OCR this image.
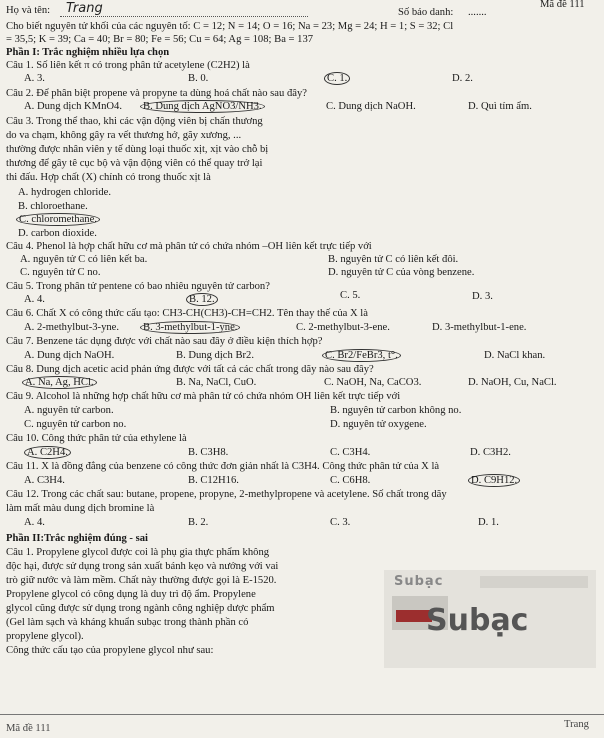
Họ và tên: Trang	Mã đề 111
Số báo danh: .......
Cho biết nguyên tử khối của các nguyên tố: C = 12; N = 14; O = 16; Na = 23; Mg = 24; H = 1; S = 32; Cl
= 35,5; K = 39; Ca = 40; Br = 80; Fe = 56; Cu = 64; Ag = 108; Ba = 137
Phần I: Trắc nghiệm nhiều lựa chọn
Câu 1. Số liên kết π có trong phân tử acetylene (C2H2) là
A. 3.	B. 0.	C. 1.	D. 2.
Câu 2. Để phân biệt propene và propyne ta dùng hoá chất nào sau đây?
A. Dung dịch KMnO4. B. Dung dịch AgNO3/NH3.	C. Dung dịch NaOH.	D. Quì tím ẩm.
Câu 3. Trong thể thao, khi các vận động viên bị chấn thương
do va chạm, không gây ra vết thương hở, gãy xương, ...
thường được nhân viên y tế dùng loại thuốc xịt, xịt vào chỗ bị
thương để gây tê cục bộ và vận động viên có thể quay trở lại
thi đấu. Hợp chất (X) chính có trong thuốc xịt là
A. hydrogen chloride.
B. chloroethane.
C. chloromethane.
D. carbon dioxide.
Câu 4. Phenol là hợp chất hữu cơ mà phân tử có chứa nhóm –OH liên kết trực tiếp với
A. nguyên tử C có liên kết ba.	B. nguyên tử C có liên kết đôi.
C. nguyên tử C no.	D. nguyên tử C của vòng benzene.
Câu 5. Trong phân tử pentene có bao nhiêu nguyên tử carbon?
A. 4.	B. 12.	C. 5.	D. 3.
Câu 6. Chất X có công thức cấu tạo: CH3-CH(CH3)-CH=CH2. Tên thay thế của X là
A. 2-methylbut-3-yne. B. 3-methylbut-1-yne.	C. 2-methylbut-3-ene.	D. 3-methylbut-1-ene.
Câu 7. Benzene tác dụng được với chất nào sau đây ở điều kiện thích hợp?
A. Dung dịch NaOH.	B. Dung dịch Br2.	C. Br2/FeBr3, t°.	D. NaCl khan.
Câu 8. Dung dịch acetic acid phản ứng được với tất cả các chất trong dãy nào sau đây?
A. Na, Ag, HCl.	B. Na, NaCl, CuO.	C. NaOH, Na, CaCO3.	D. NaOH, Cu, NaCl.
Câu 9. Alcohol là những hợp chất hữu cơ mà phân tử có chứa nhóm OH liên kết trực tiếp với
A. nguyên tử carbon.	B. nguyên tử carbon không no.
C. nguyên tử carbon no.	D. nguyên tử oxygene.
Câu 10. Công thức phân tử của ethylene là
A. C2H4.	B. C3H8.	C. C3H4.	D. C3H2.
Câu 11. X là đồng đẳng của benzene có công thức đơn giản nhất là C3H4. Công thức phân tử của X là
A. C3H4.	B. C12H16.	C. C6H8.	D. C9H12.
Câu 12. Trong các chất sau: butane, propene, propyne, 2-methylpropene và acetylene. Số chất trong dãy
làm mất màu dung dịch bromine là
A. 4.	B. 2.	C. 3.	D. 1.
Phần II:Trắc nghiệm đúng - sai
Câu 1. Propylene glycol được coi là phụ gia thực phẩm không
độc hại, được sử dụng trong sản xuất bánh kẹo và nướng với vai
trò giữ nước và làm mềm. Chất này thường được gọi là E-1520.
Propylene glycol có công dụng là duy trì độ ẩm. Propylene
glycol cũng được sử dụng trong ngành công nghiệp dược phẩm
(Gel làm sạch và kháng khuẩn subạc trong thành phần có
propylene glycol).
Công thức cấu tạo của propylene glycol như sau:
Subạc
Subạc
Mã đề 111	Trang
